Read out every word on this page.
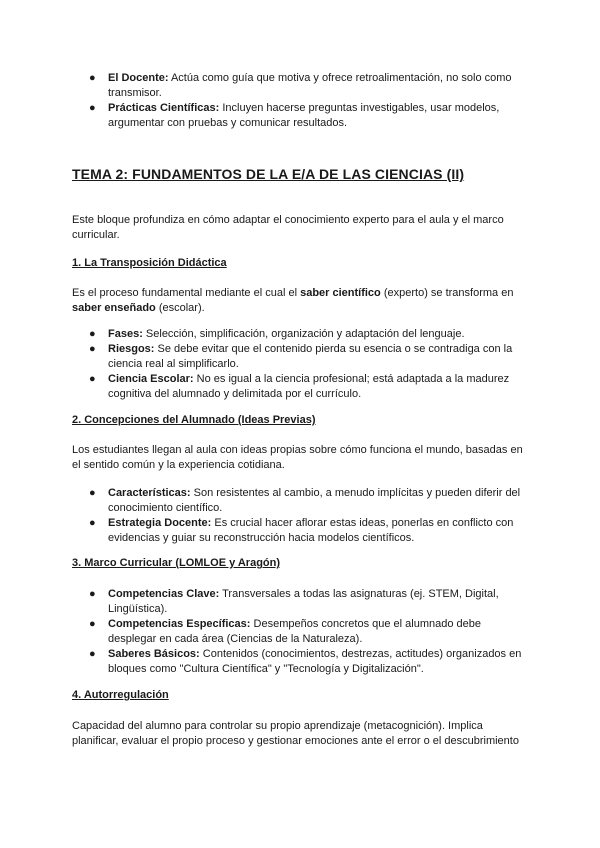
● El Docente: Actúa como guía que motiva y ofrece retroalimentación, no solo como transmisor.
● Prácticas Científicas: Incluyen hacerse preguntas investigables, usar modelos, argumentar con pruebas y comunicar resultados.
TEMA 2: FUNDAMENTOS DE LA E/A DE LAS CIENCIAS (II)

Este bloque profundiza en cómo adaptar el conocimiento experto para el aula y el marco curricular.

1. La Transposición Didáctica

Es el proceso fundamental mediante el cual el saber científico (experto) se transforma en saber enseñado (escolar).

● Fases: Selección, simplificación, organización y adaptación del lenguaje.
● Riesgos: Se debe evitar que el contenido pierda su esencia o se contradiga con la ciencia real al simplificarlo.
● Ciencia Escolar: No es igual a la ciencia profesional; está adaptada a la madurez cognitiva del alumnado y delimitada por el currículo.
2. Concepciones del Alumnado (Ideas Previas)

Los estudiantes llegan al aula con ideas propias sobre cómo funciona el mundo, basadas en el sentido común y la experiencia cotidiana.

● Características: Son resistentes al cambio, a menudo implícitas y pueden diferir del conocimiento científico.
● Estrategia Docente: Es crucial hacer aflorar estas ideas, ponerlas en conflicto con evidencias y guiar su reconstrucción hacia modelos científicos.
3. Marco Curricular (LOMLOE y Aragón)
● Competencias Clave: Transversales a todas las asignaturas (ej. STEM, Digital, Lingüística).
● Competencias Específicas: Desempeños concretos que el alumnado debe desplegar en cada área (Ciencias de la Naturaleza).
● Saberes Básicos: Contenidos (conocimientos, destrezas, actitudes) organizados en bloques como "Cultura Científica" y "Tecnología y Digitalización".
4. Autorregulación

Capacidad del alumno para controlar su propio aprendizaje (metacognición). Implica planificar, evaluar el propio proceso y gestionar emociones ante el error o el descubrimiento
